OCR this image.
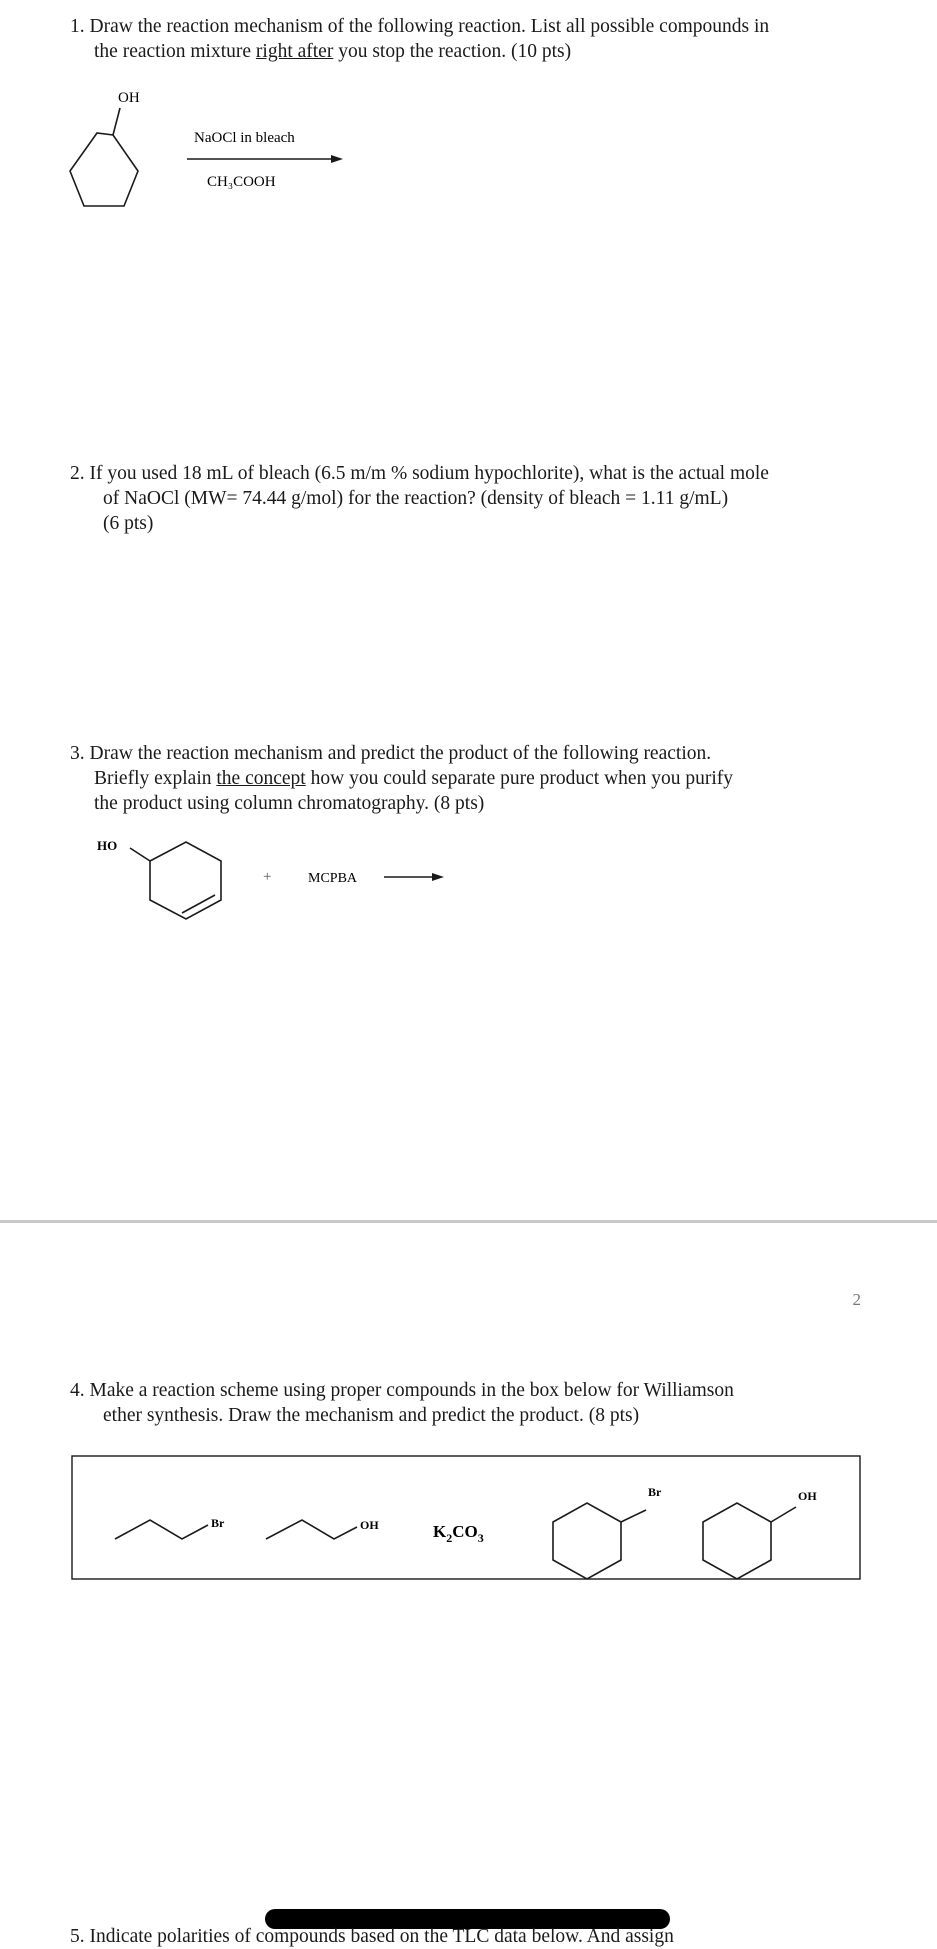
1. Draw the reaction mechanism of the following reaction. List all possible compounds in
the reaction mixture right after you stop the reaction. (10 pts)
OH
NaOCl in bleach
CH₃COOH
2. If you used 18 mL of bleach (6.5 m/m % sodium hypochlorite), what is the actual mole
of NaOCl (MW= 74.44 g/mol) for the reaction? (density of bleach = 1.11 g/mL)
(6 pts)
3. Draw the reaction mechanism and predict the product of the following reaction.
Briefly explain the concept how you could separate pure product when you purify
the product using column chromatography. (8 pts)
HO
+	MCPBA
2
4. Make a reaction scheme using proper compounds in the box below for Williamson
ether synthesis. Draw the mechanism and predict the product. (8 pts)
Br	OH	$K_2CO_3$
Br	OH
5. Indicate polarities of compounds based on the TLC data below. And assign
